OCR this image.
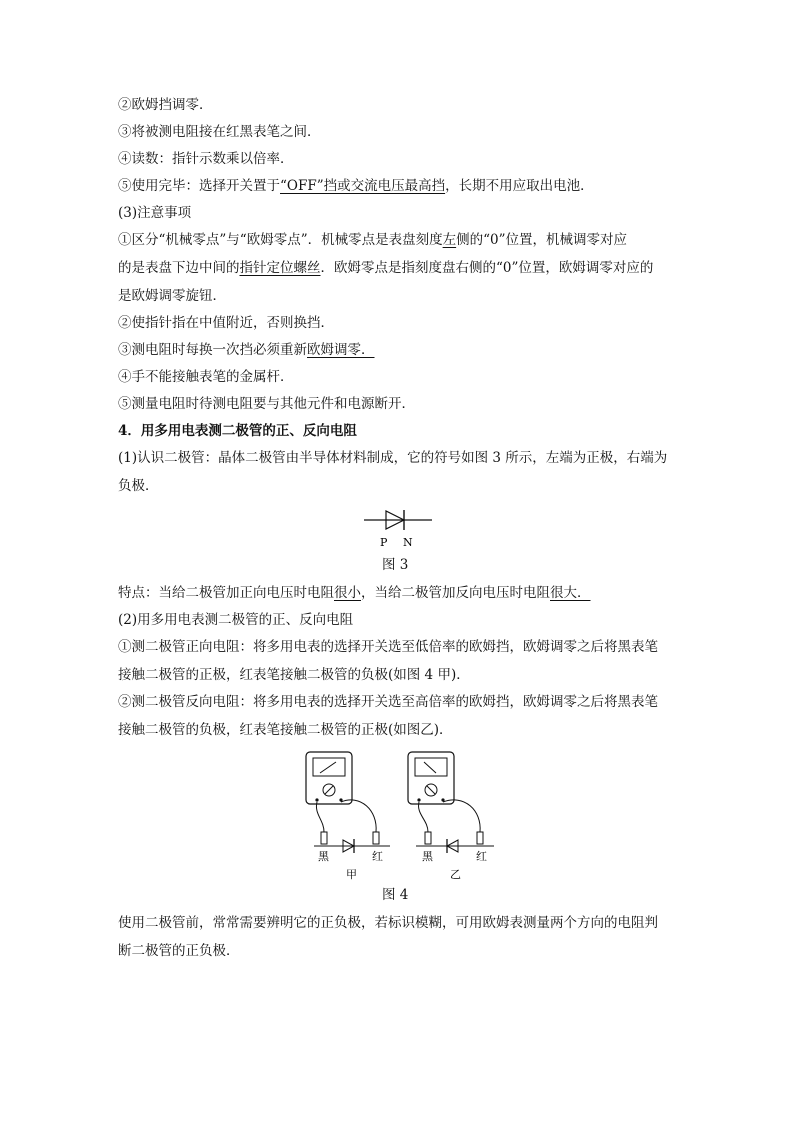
②欧姆挡调零．
③将被测电阻接在红黑表笔之间．
④读数：指针示数乘以倍率．
⑤使用完毕：选择开关置于“OFF”挡或交流电压最高挡，长期不用应取出电池．
(3)注意事项
①区分“机械零点”与“欧姆零点”．机械零点是表盘刻度左侧的“0”位置，机械调零对应
的是表盘下边中间的指针定位螺丝．欧姆零点是指刻度盘右侧的“0”位置，欧姆调零对应的
是欧姆调零旋钮．
②使指针指在中值附近，否则换挡．
③测电阻时每换一次挡必须重新欧姆调零．
④手不能接触表笔的金属杆．
⑤测量电阻时待测电阻要与其他元件和电源断开．
4．用多用电表测二极管的正、反向电阻
(1)认识二极管：晶体二极管由半导体材料制成，它的符号如图 3 所示，左端为正极，右端为
负极．
P N
图 3
特点：当给二极管加正向电压时电阻很小，当给二极管加反向电压时电阻很大．
(2)用多用电表测二极管的正、反向电阻
①测二极管正向电阻：将多用电表的选择开关选至低倍率的欧姆挡，欧姆调零之后将黑表笔
接触二极管的正极，红表笔接触二极管的负极(如图 4 甲)．
②测二极管反向电阻：将多用电表的选择开关选至高倍率的欧姆挡，欧姆调零之后将黑表笔
接触二极管的负极，红表笔接触二极管的正极(如图乙)．
黑	红
甲
黑	红
乙
图 4
使用二极管前，常常需要辨明它的正负极，若标识模糊，可用欧姆表测量两个方向的电阻判
断二极管的正负极．
